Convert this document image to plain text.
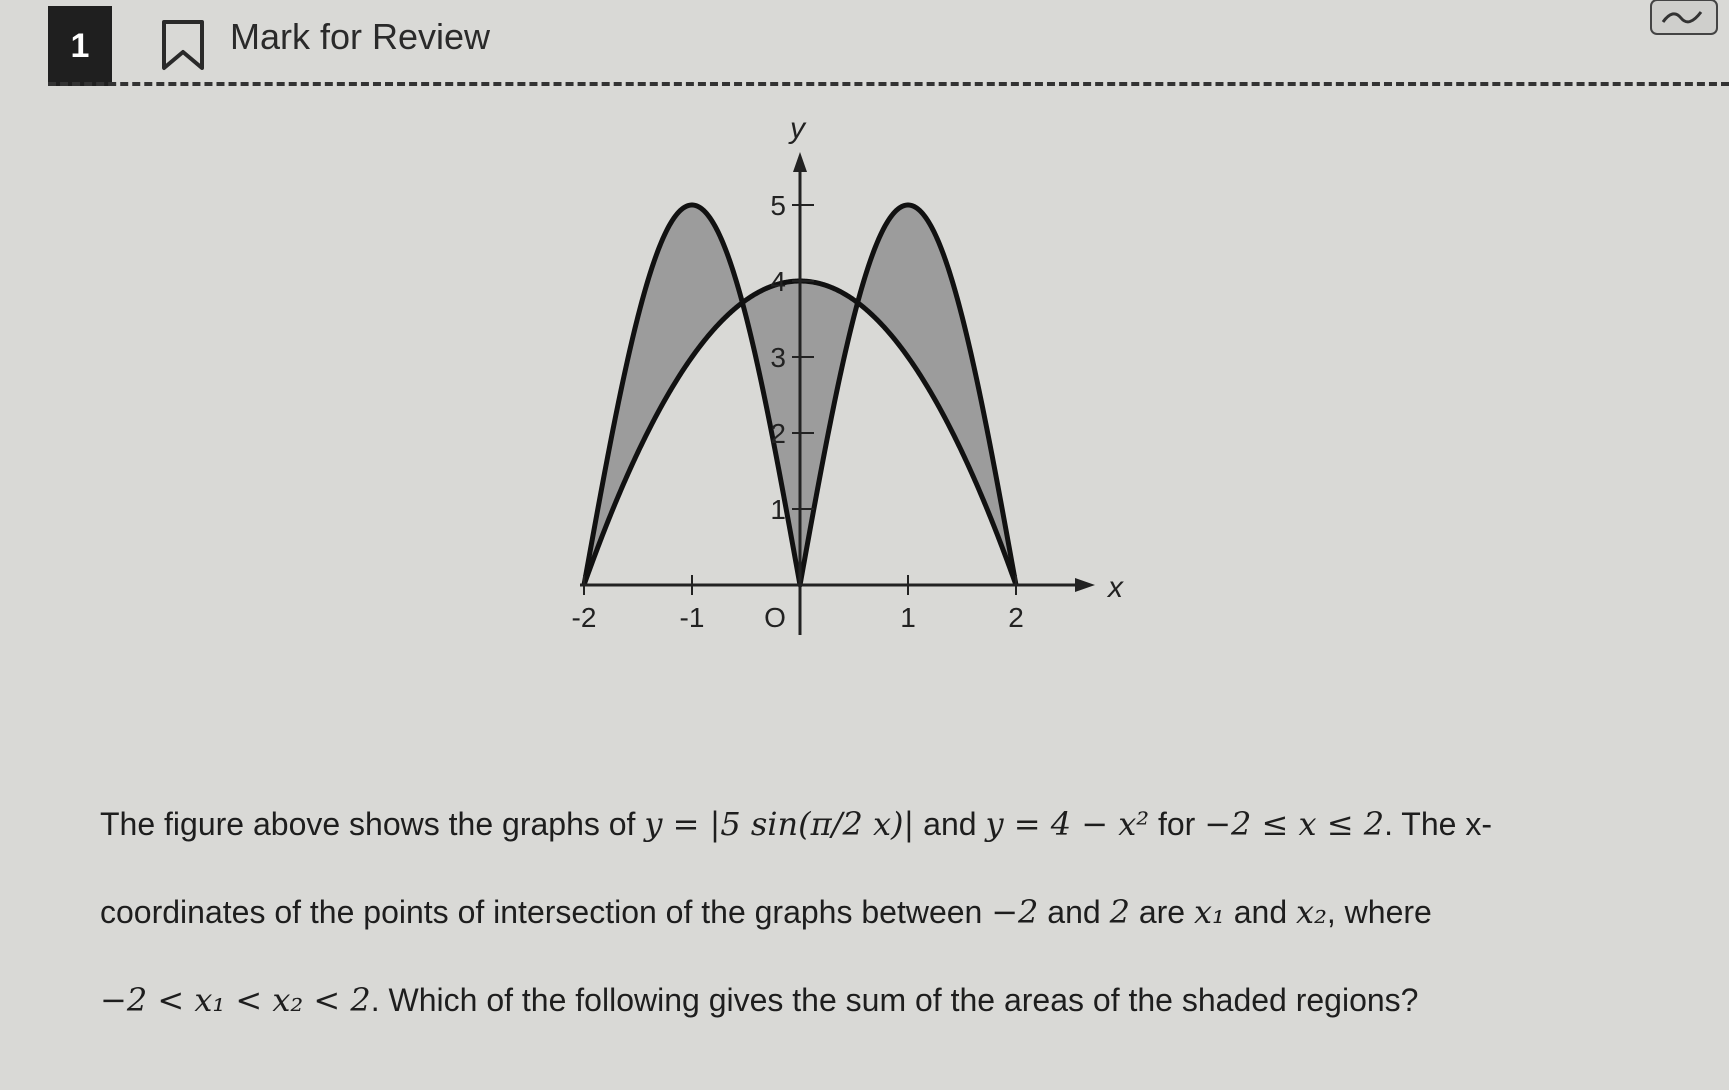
1	Mark for Review
x
y
-2	-1 O	1	2
1
2
3
4
5
The figure above shows the graphs of y = |5 sin(π/2 x)| and y = 4 − x² for −2 ≤ x ≤ 2. The x-
coordinates of the points of intersection of the graphs between −2 and 2 are x₁ and x₂, where
−2 < x₁ < x₂ < 2. Which of the following gives the sum of the areas of the shaded regions?
